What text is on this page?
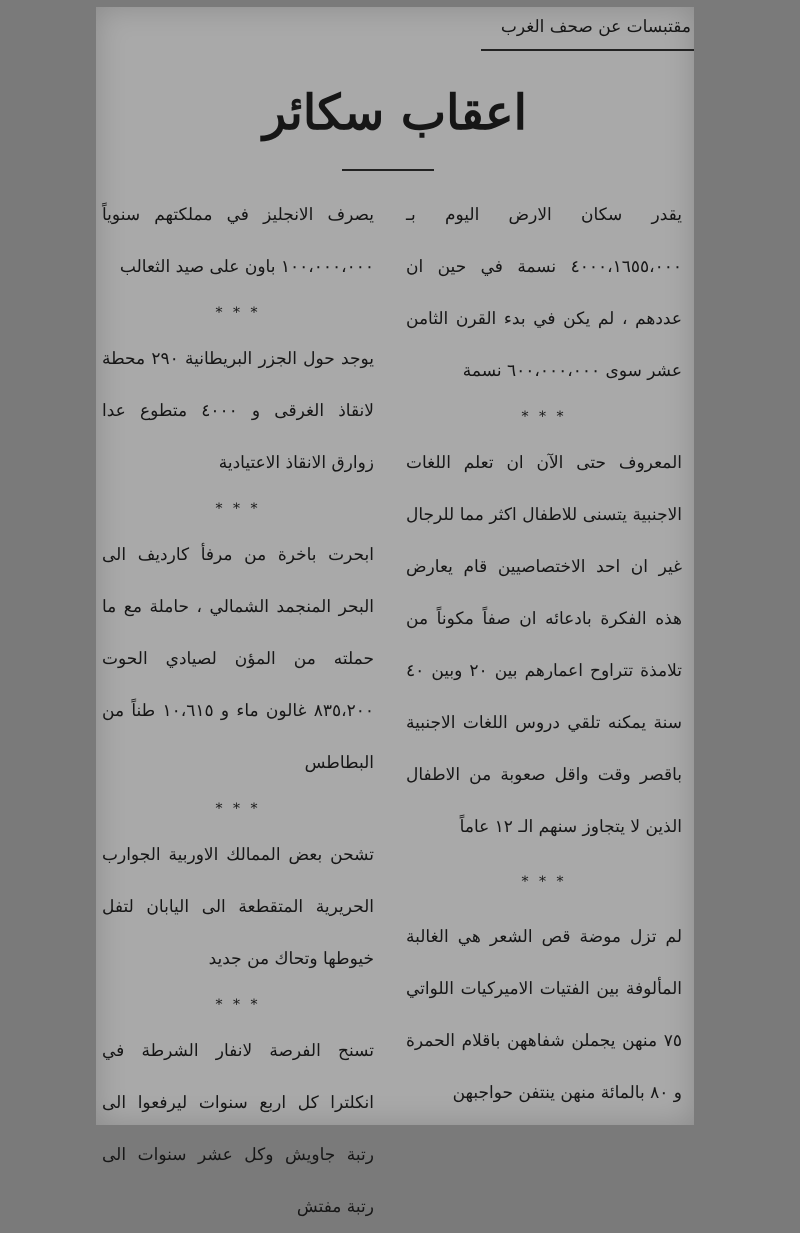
مقتبسات عن صحف الغرب
اعقاب سكائر

يقدر سكان الارض اليوم بـ ٤٠٠٠،١٦٥٥،٠٠٠ نسمة في حين ان عددهم ، لم يكن في بدء القرن الثامن عشر سوى ٦٠٠،٠٠٠،٠٠٠ نسمة

* * *

المعروف حتى الآن ان تعلم اللغات الاجنبية يتسنى للاطفال اكثر مما للرجال غير ان احد الاختصاصيين قام يعارض هذه الفكرة بادعائه ان صفاً مكوناً من تلامذة تتراوح اعمارهم بين ٢٠ وبين ٤٠ سنة يمكنه تلقي دروس اللغات الاجنبية باقصر وقت واقل صعوبة من الاطفال الذين لا يتجاوز سنهم الـ ١٢ عاماً

* * *

لم تزل موضة قص الشعر هي الغالبة المألوفة بين الفتيات الاميركيات اللواتي ٧٥ منهن يجملن شفاههن باقلام الحمرة و ٨٠ بالمائة منهن ينتفن حواجبهن

يصرف الانجليز في مملكتهم سنوياً ١٠٠،٠٠٠،٠٠٠ باون على صيد الثعالب

* * *

يوجد حول الجزر البريطانية ٢٩٠ محطة لانقاذ الغرقى و ٤٠٠٠ متطوع عدا زوارق الانقاذ الاعتيادية

* * *

ابحرت باخرة من مرفأ كارديف الى البحر المنجمد الشمالي ، حاملة مع ما حملته من المؤن لصيادي الحوت ٨٣٥،٢٠٠ غالون ماء و ١٠،٦١٥ طناً من البطاطس

* * *

تشحن بعض الممالك الاوربية الجوارب الحريرية المتقطعة الى اليابان لتفل خيوطها وتحاك من جديد

* * *

تسنح الفرصة لانفار الشرطة في انكلترا كل اربع سنوات ليرفعوا الى رتبة جاويش وكل عشر سنوات الى رتبة مفتش
